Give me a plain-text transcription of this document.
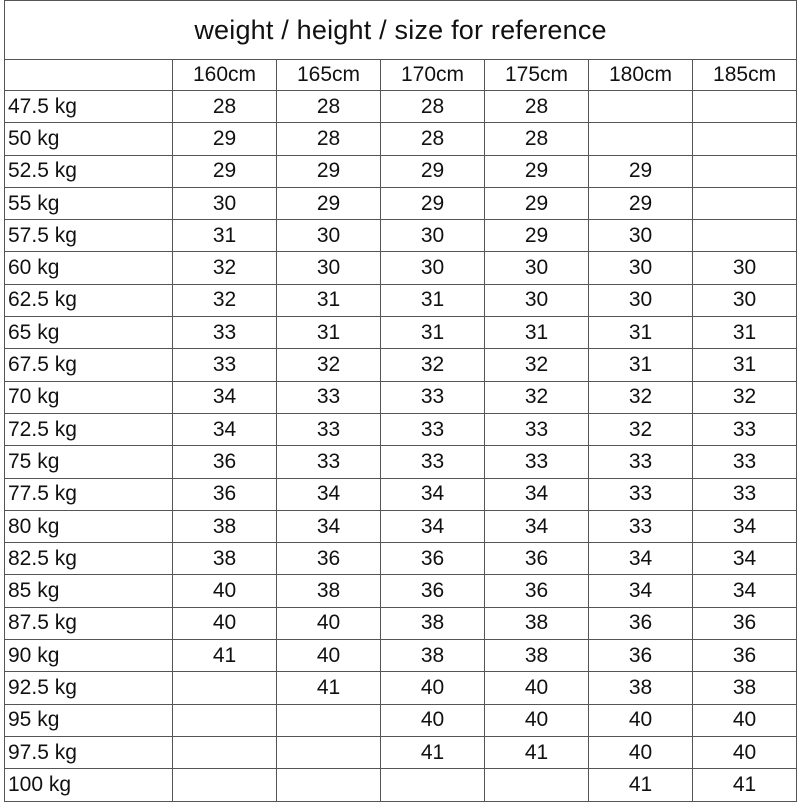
weight / height / size for reference						
	160cm	165cm	170cm	175cm	180cm	185cm
47.5 kg	28	28	28	28		
50 kg	29	28	28	28		
52.5 kg	29	29	29	29	29	
55 kg	30	29	29	29	29	
57.5 kg	31	30	30	29	30	
60 kg	32	30	30	30	30	30
62.5 kg	32	31	31	30	30	30
65 kg	33	31	31	31	31	31
67.5 kg	33	32	32	32	31	31
70 kg	34	33	33	32	32	32
72.5 kg	34	33	33	33	32	33
75 kg	36	33	33	33	33	33
77.5 kg	36	34	34	34	33	33
80 kg	38	34	34	34	33	34
82.5 kg	38	36	36	36	34	34
85 kg	40	38	36	36	34	34
87.5 kg	40	40	38	38	36	36
90 kg	41	40	38	38	36	36
92.5 kg		41	40	40	38	38
95 kg			40	40	40	40
97.5 kg			41	41	40	40
100 kg					41	41
